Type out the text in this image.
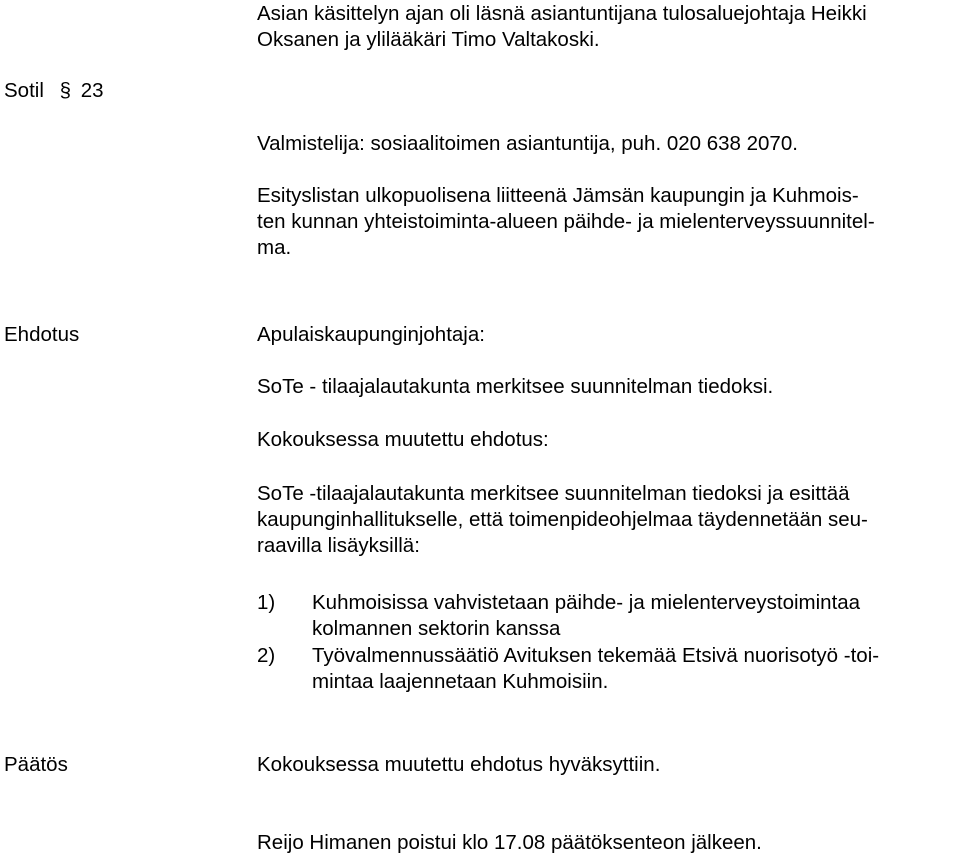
Asian käsittelyn ajan oli läsnä asiantuntijana tulosaluejohtaja Heikki
Oksanen ja ylilääkäri Timo Valtakoski.
Sotil § 23
Valmistelija: sosiaalitoimen asiantuntija, puh. 020 638 2070.
Esityslistan ulkopuolisena liitteenä Jämsän kaupungin ja Kuhmois-
ten kunnan yhteistoiminta-alueen päihde- ja mielenterveyssuunnitel-
ma.
Ehdotus	Apulaiskaupunginjohtaja:
SoTe - tilaajalautakunta merkitsee suunnitelman tiedoksi.
Kokouksessa muutettu ehdotus:
SoTe -tilaajalautakunta merkitsee suunnitelman tiedoksi ja esittää
kaupunginhallitukselle, että toimenpideohjelmaa täydennetään seu-
raavilla lisäyksillä:
1) Kuhmoisissa vahvistetaan päihde- ja mielenterveystoimintaa
kolmannen sektorin kanssa
2) Työvalmennussäätiö Avituksen tekemää Etsivä nuorisotyö -toi-
mintaa laajennetaan Kuhmoisiin.
Päätös	Kokouksessa muutettu ehdotus hyväksyttiin.
Reijo Himanen poistui klo 17.08 päätöksenteon jälkeen.
